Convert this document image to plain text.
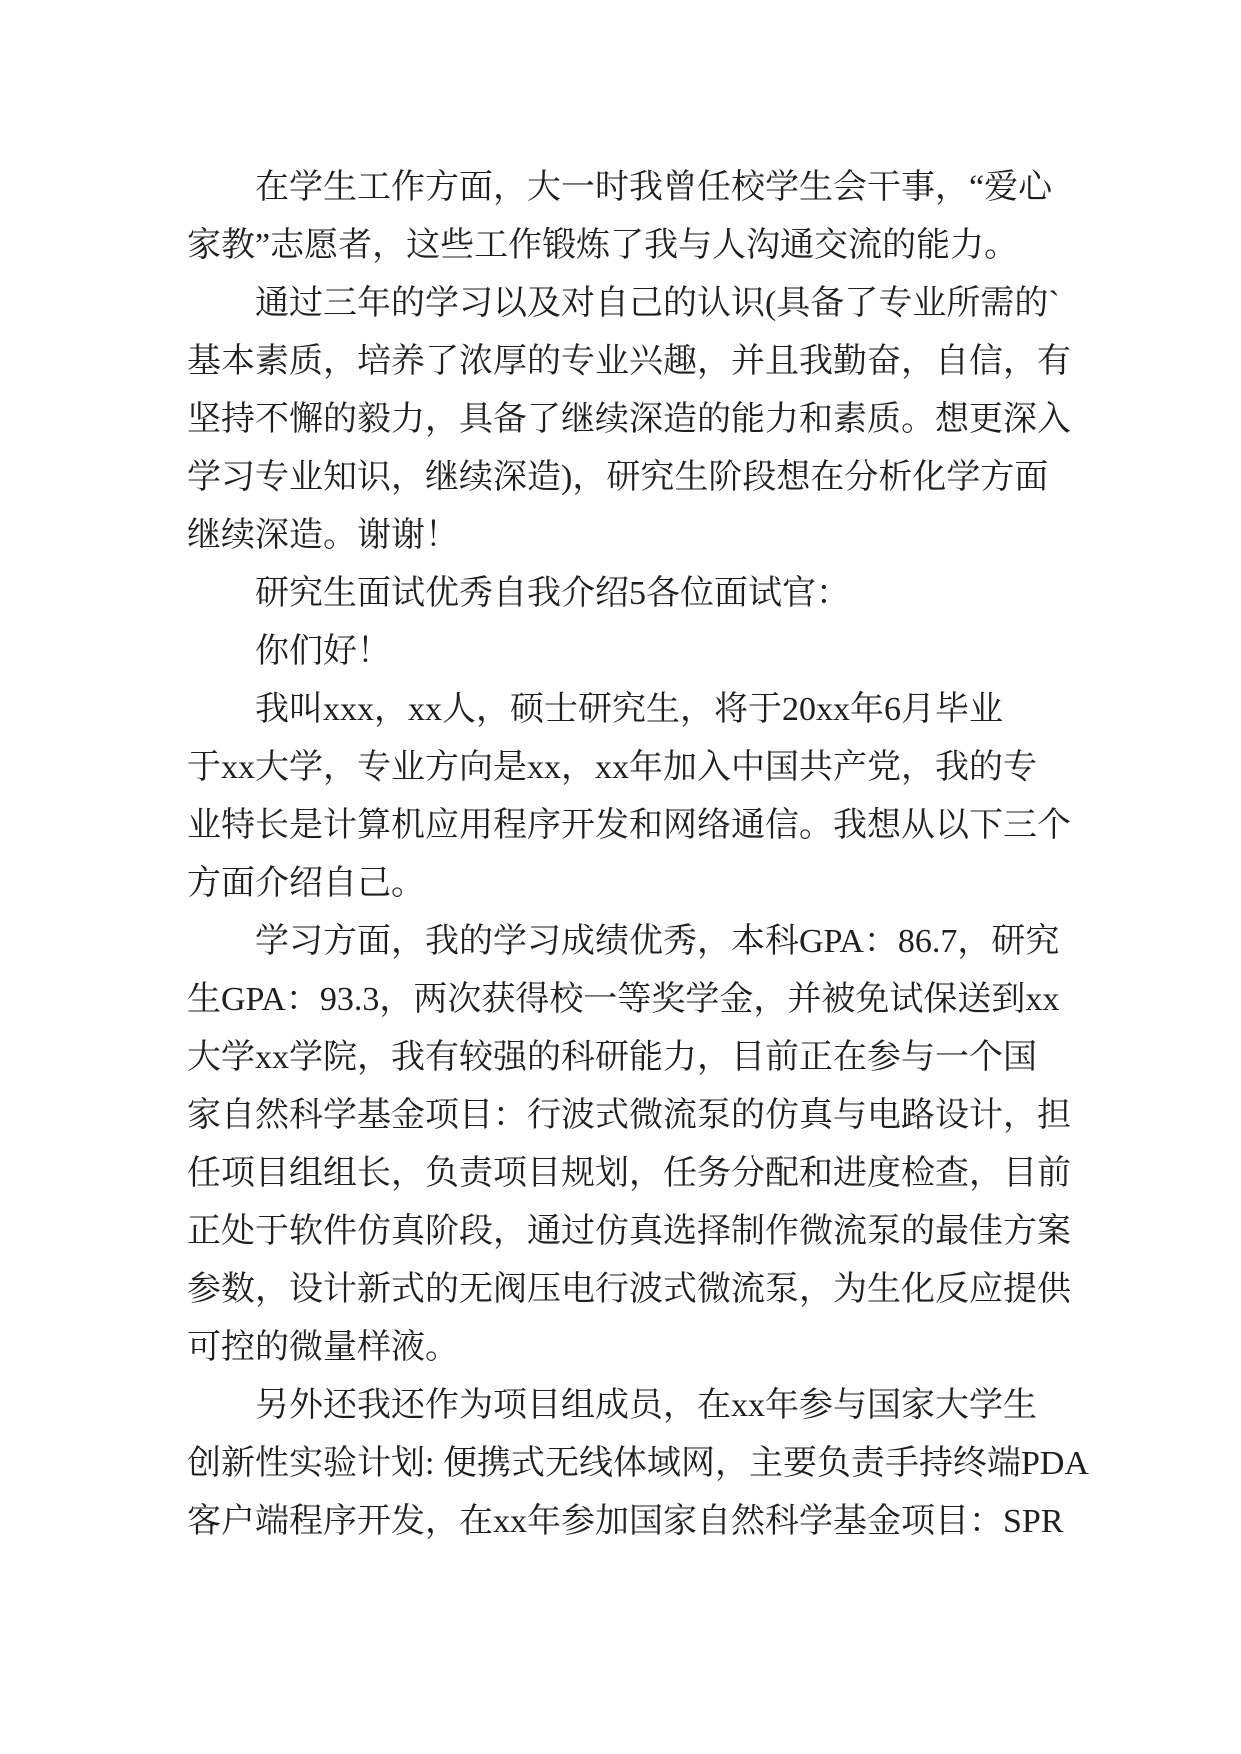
在学生工作方面，大一时我曾任校学生会干事，“爱心
家教”志愿者，这些工作锻炼了我与人沟通交流的能力。
通过三年的学习以及对自己的认识(具备了专业所需的`
基本素质，培养了浓厚的专业兴趣，并且我勤奋，自信，有
坚持不懈的毅力，具备了继续深造的能力和素质。想更深入
学习专业知识，继续深造)，研究生阶段想在分析化学方面
继续深造。谢谢！
研究生面试优秀自我介绍5各位面试官：
你们好！
我叫xxx，xx人，硕士研究生，将于20xx年6月毕业
于xx大学，专业方向是xx，xx年加入中国共产党，我的专
业特长是计算机应用程序开发和网络通信。我想从以下三个
方面介绍自己。
学习方面，我的学习成绩优秀，本科GPA：86.7，研究
生GPA：93.3，两次获得校一等奖学金，并被免试保送到xx
大学xx学院，我有较强的科研能力，目前正在参与一个国
家自然科学基金项目：行波式微流泵的仿真与电路设计，担
任项目组组长，负责项目规划，任务分配和进度检查，目前
正处于软件仿真阶段，通过仿真选择制作微流泵的最佳方案
参数，设计新式的无阀压电行波式微流泵，为生化反应提供
可控的微量样液。
另外还我还作为项目组成员，在xx年参与国家大学生
创新性实验计划: 便携式无线体域网，主要负责手持终端PDA
客户端程序开发，在xx年参加国家自然科学基金项目：SPR
